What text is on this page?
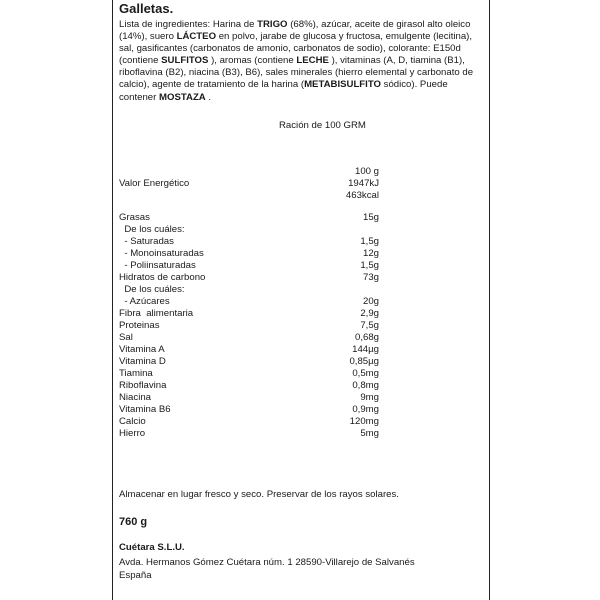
Galletas.
Lista de ingredientes: Harina de TRIGO (68%), azúcar, aceite de girasol alto oleico (14%), suero LÁCTEO en polvo, jarabe de glucosa y fructosa, emulgente (lecitina), sal, gasificantes (carbonatos de amonio, carbonatos de sodio), colorante: E150d (contiene SULFITOS ), aromas (contiene LECHE ), vitaminas (A, D, tiamina (B1), riboflavina (B2), niacina (B3), B6), sales minerales (hierro elemental y carbonato de calcio), agente de tratamiento de la harina (METABISULFITO sódico). Puede contener MOSTAZA .
Ración de 100 GRM
100 g
Valor Energético	1947kJ
463kcal
Grasas	15g
De los cuáles:
- Saturadas	1,5g
- Monoinsaturadas	12g
- Poliinsaturadas	1,5g
Hidratos de carbono	73g
De los cuáles:
- Azúcares	20g
Fibra  alimentaria	2,9g
Proteinas	7,5g
Sal	0,68g
Vitamina A	144µg
Vitamina D	0,85µg
Tiamina	0,5mg
Riboflavina	0,8mg
Niacina	9mg
Vitamina B6	0,9mg
Calcio	120mg
Hierro	5mg
Almacenar en lugar fresco y seco. Preservar de los rayos solares.
760 g
Cuétara S.L.U.
Avda. Hermanos Gómez Cuétara núm. 1 28590-Villarejo de Salvanés
España
